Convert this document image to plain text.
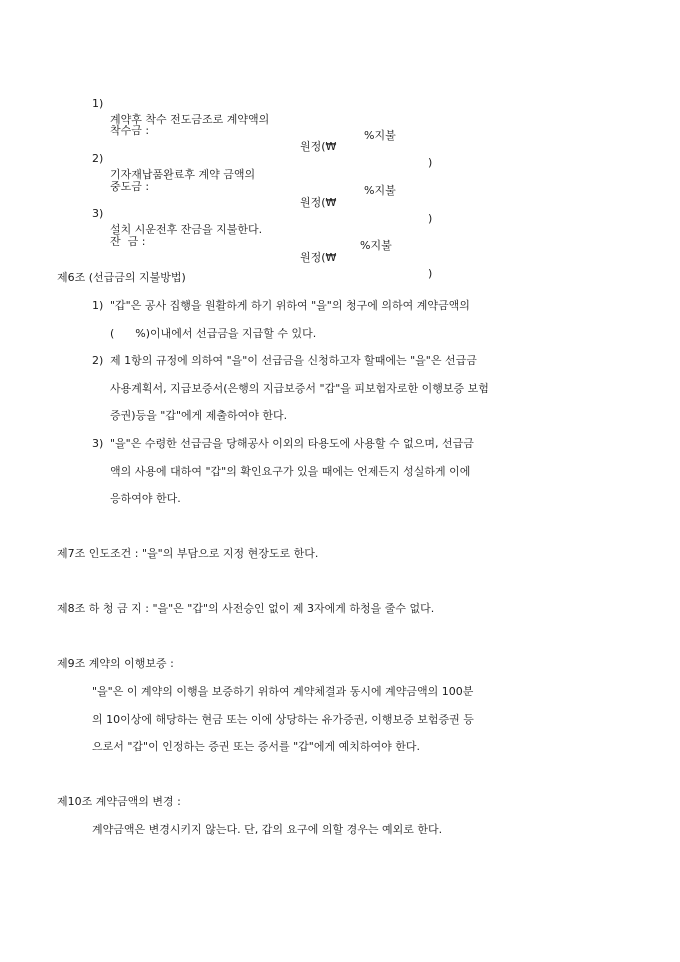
1)

계약후 착수 전도금조로 계약액의

%지불

착수금 :

원정(₩

)

2)

기자재납품완료후 계약 금액의

%지불

중도금 :

원정(₩

)

3)

설치 시운전후 잔금을 지불한다.

%지불

잔  금 :

원정(₩

)

제6조 (선급금의 지불방법)
1) "갑"은 공사 집행을 원활하게 하기 위하여 "을"의 청구에 의하여 계약금액의
(      %)이내에서 선급금을 지급할 수 있다.
2) 제 1항의 규정에 의하여 "을"이 선급금을 신청하고자 할때에는 "을"은 선급금
사용계획서, 지급보증서(은행의 지급보증서 "갑"을 피보험자로한 이행보증 보험
증권)등을 "갑"에게 제출하여야 한다.
3) "을"은 수령한 선급금을 당해공사 이외의 타용도에 사용할 수 없으며, 선급금
액의 사용에 대하여 "갑"의 확인요구가 있을 때에는 언제든지 성실하게 이에
응하여야 한다.
제7조 인도조건 : "을"의 부담으로 지정 현장도로 한다.
제8조 하 청 금 지 : "을"은 "갑"의 사전승인 없이 제 3자에게 하청을 줄수 없다.
제9조 계약의 이행보증 :
"을"은 이 계약의 이행을 보증하기 위하여 계약체결과 동시에 계약금액의 100분
의 10이상에 해당하는 현금 또는 이에 상당하는 유가증권, 이행보증 보험증권 등
으로서 "갑"이 인정하는 증권 또는 증서를 "갑"에게 예치하여야 한다.
제10조 계약금액의 변경 :
계약금액은 변경시키지 않는다. 단, 갑의 요구에 의할 경우는 예외로 한다.
